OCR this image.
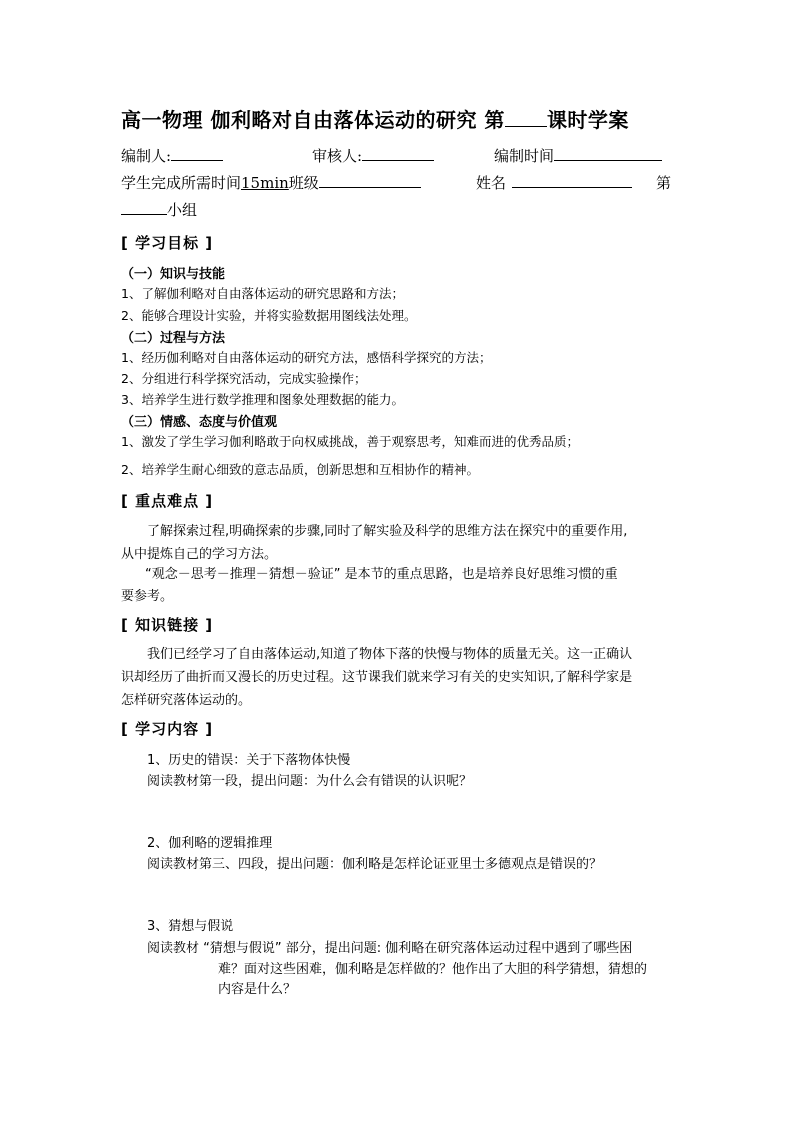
高一物理 伽利略对自由落体运动的研究 第 课时学案
编制人:	审核人:	编制时间
学生完成所需时间15min班级	姓名	第
小组
[ 学习目标 ]
（一）知识与技能
1、了解伽利略对自由落体运动的研究思路和方法；
2、能够合理设计实验，并将实验数据用图线法处理。
（二）过程与方法
1、经历伽利略对自由落体运动的研究方法，感悟科学探究的方法；
2、分组进行科学探究活动，完成实验操作；
3、培养学生进行数学推理和图象处理数据的能力。
（三）情感、态度与价值观
1、激发了学生学习伽利略敢于向权威挑战，善于观察思考，知难而进的优秀品质；
2、培养学生耐心细致的意志品质，创新思想和互相协作的精神。
[ 重点难点 ]
了解探索过程,明确探索的步骤,同时了解实验及科学的思维方法在探究中的重要作用,
从中提炼自己的学习方法。
“观念－思考－推理－猜想－验证” 是本节的重点思路，也是培养良好思维习惯的重
要参考。
[ 知识链接 ]
我们已经学习了自由落体运动,知道了物体下落的快慢与物体的质量无关。这一正确认
识却经历了曲折而又漫长的历史过程。这节课我们就来学习有关的史实知识,了解科学家是
怎样研究落体运动的。
[ 学习内容 ]
1、历史的错误：关于下落物体快慢
阅读教材第一段，提出问题：为什么会有错误的认识呢？
2、伽利略的逻辑推理
阅读教材第三、四段，提出问题：伽利略是怎样论证亚里士多德观点是错误的？
3、猜想与假说
阅读教材 “猜想与假说” 部分，提出问题: 伽利略在研究落体运动过程中遇到了哪些困
难？面对这些困难，伽利略是怎样做的？他作出了大胆的科学猜想，猜想的
内容是什么？
